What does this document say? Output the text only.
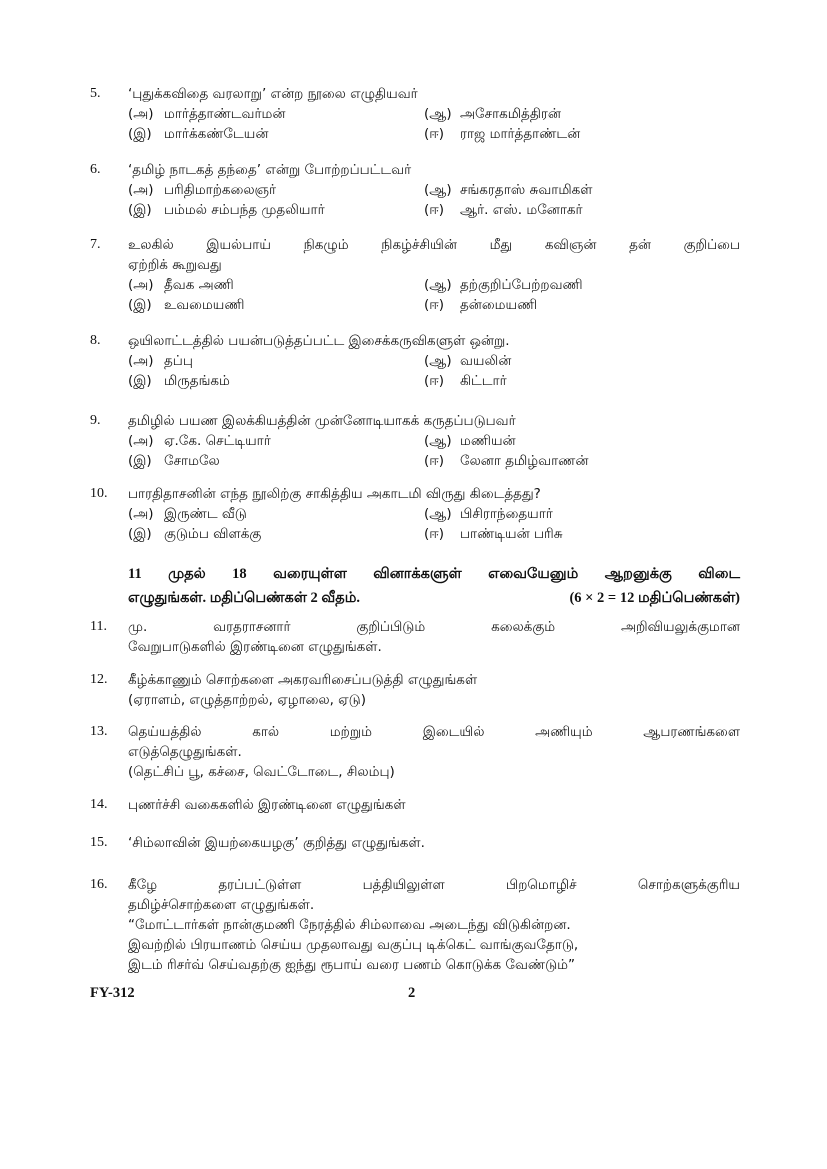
5.	‘புதுக்கவிதை வரலாறு’ என்ற நூலை எழுதியவர்
(அ) மார்த்தாண்டவர்மன்	(ஆ) அசோகமித்திரன்
(இ) மார்க்கண்டேயன்	(ஈ) ராஜ மார்த்தாண்டன்
6.	‘தமிழ் நாடகத் தந்தை’ என்று போற்றப்பட்டவர்
(அ) பரிதிமாற்கலைஞர்	(ஆ) சங்கரதாஸ் சுவாமிகள்
(இ) பம்மல் சம்பந்த முதலியார்	(ஈ) ஆர். எஸ். மனோகர்
7.	உலகில் இயல்பாய் நிகழும் நிகழ்ச்சியின் மீது கவிஞன் தன் குறிப்பை
ஏற்றிக் கூறுவது
(அ) தீவக அணி	(ஆ) தற்குறிப்பேற்றவணி
(இ) உவமையணி	(ஈ) தன்மையணி
8.	ஒயிலாட்டத்தில் பயன்படுத்தப்பட்ட இசைக்கருவிகளுள் ஒன்று.
(அ) தப்பு	(ஆ) வயலின்
(இ) மிருதங்கம்	(ஈ) கிட்டார்
9.	தமிழில் பயண இலக்கியத்தின் முன்னோடியாகக் கருதப்படுபவர்
(அ) ஏ.கே. செட்டியார்	(ஆ) மணியன்
(இ) சோமலே	(ஈ) லேனா தமிழ்வாணன்
10.	பாரதிதாசனின் எந்த நூலிற்கு சாகித்திய அகாடமி விருது கிடைத்தது?
(அ) இருண்ட வீடு	(ஆ) பிசிராந்தையார்
(இ) குடும்ப விளக்கு	(ஈ) பாண்டியன் பரிசு
11 முதல் 18 வரையுள்ள வினாக்களுள் எவையேனும் ஆறனுக்கு விடை
எழுதுங்கள். மதிப்பெண்கள் 2 வீதம்.	(6 × 2 = 12 மதிப்பெண்கள்)
11.	மு. வரதராசனார் குறிப்பிடும் கலைக்கும் அறிவியலுக்குமான
வேறுபாடுகளில் இரண்டினை எழுதுங்கள்.
12.	கீழ்க்காணும் சொற்களை அகரவரிசைப்படுத்தி எழுதுங்கள்
(ஏராளம், எழுத்தாற்றல், ஏழாலை, ஏடு)
13.	தெய்யத்தில் கால் மற்றும் இடையில் அணியும் ஆபரணங்களை
எடுத்தெழுதுங்கள்.
(தெட்சிப் பூ, கச்சை, வெட்டோடை, சிலம்பு)
14.	புணர்ச்சி வகைகளில் இரண்டினை எழுதுங்கள்
15.	‘சிம்லாவின் இயற்கையழகு’ குறித்து எழுதுங்கள்.
16.	கீழே தரப்பட்டுள்ள பத்தியிலுள்ள பிறமொழிச் சொற்களுக்குரிய
தமிழ்ச்சொற்களை எழுதுங்கள்.
“மோட்டார்கள் நான்குமணி நேரத்தில் சிம்லாவை அடைந்து விடுகின்றன.
இவற்றில் பிரயாணம் செய்ய முதலாவது வகுப்பு டிக்கெட் வாங்குவதோடு,
இடம் ரிசர்வ் செய்வதற்கு ஐந்து ரூபாய் வரை பணம் கொடுக்க வேண்டும்”
FY-312	2
